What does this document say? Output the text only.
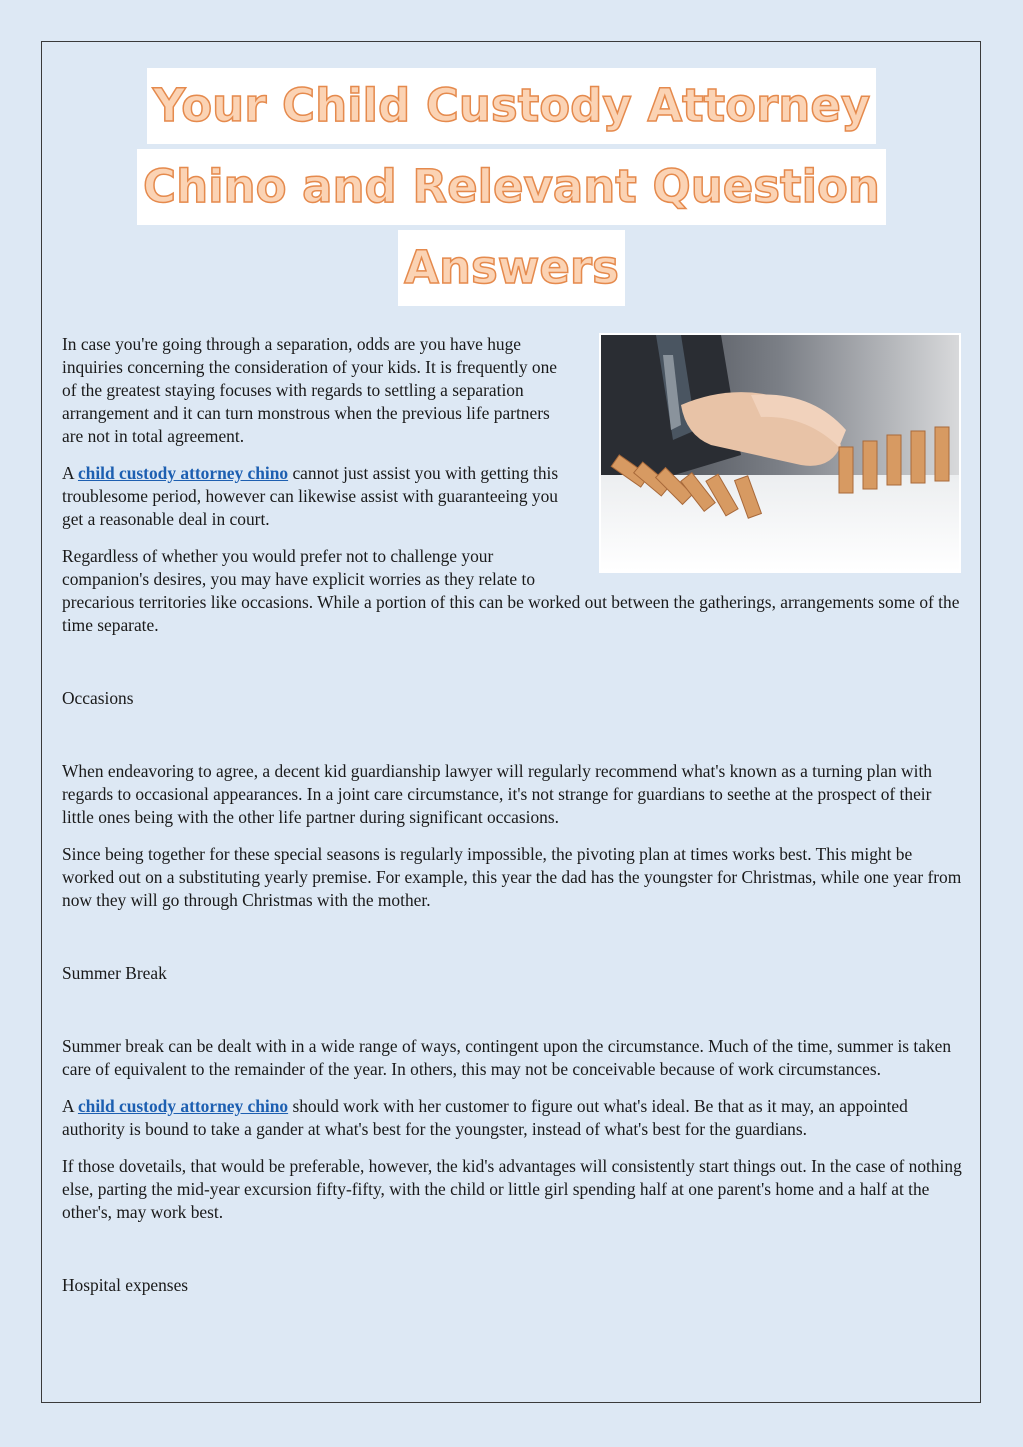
Your Child Custody Attorney
Chino and Relevant Question
Answers

In case you're going through a separation, odds are you have huge inquiries concerning the consideration of your kids. It is frequently one of the greatest staying focuses with regards to settling a separation arrangement and it can turn monstrous when the previous life partners are not in total agreement.

A child custody attorney chino cannot just assist you with getting this troublesome period, however can likewise assist with guaranteeing you get a reasonable deal in court.

Regardless of whether you would prefer not to challenge your companion's desires, you may have explicit worries as they relate to precarious territories like occasions. While a portion of this can be worked out between the gatherings, arrangements some of the time separate.

Occasions

When endeavoring to agree, a decent kid guardianship lawyer will regularly recommend what's known as a turning plan with regards to occasional appearances. In a joint care circumstance, it's not strange for guardians to seethe at the prospect of their little ones being with the other life partner during significant occasions.

Since being together for these special seasons is regularly impossible, the pivoting plan at times works best. This might be worked out on a substituting yearly premise. For example, this year the dad has the youngster for Christmas, while one year from now they will go through Christmas with the mother.

Summer Break

Summer break can be dealt with in a wide range of ways, contingent upon the circumstance. Much of the time, summer is taken care of equivalent to the remainder of the year. In others, this may not be conceivable because of work circumstances.

A child custody attorney chino should work with her customer to figure out what's ideal. Be that as it may, an appointed authority is bound to take a gander at what's best for the youngster, instead of what's best for the guardians.

If those dovetails, that would be preferable, however, the kid's advantages will consistently start things out. In the case of nothing else, parting the mid-year excursion fifty-fifty, with the child or little girl spending half at one parent's home and a half at the other's, may work best.

Hospital expenses
